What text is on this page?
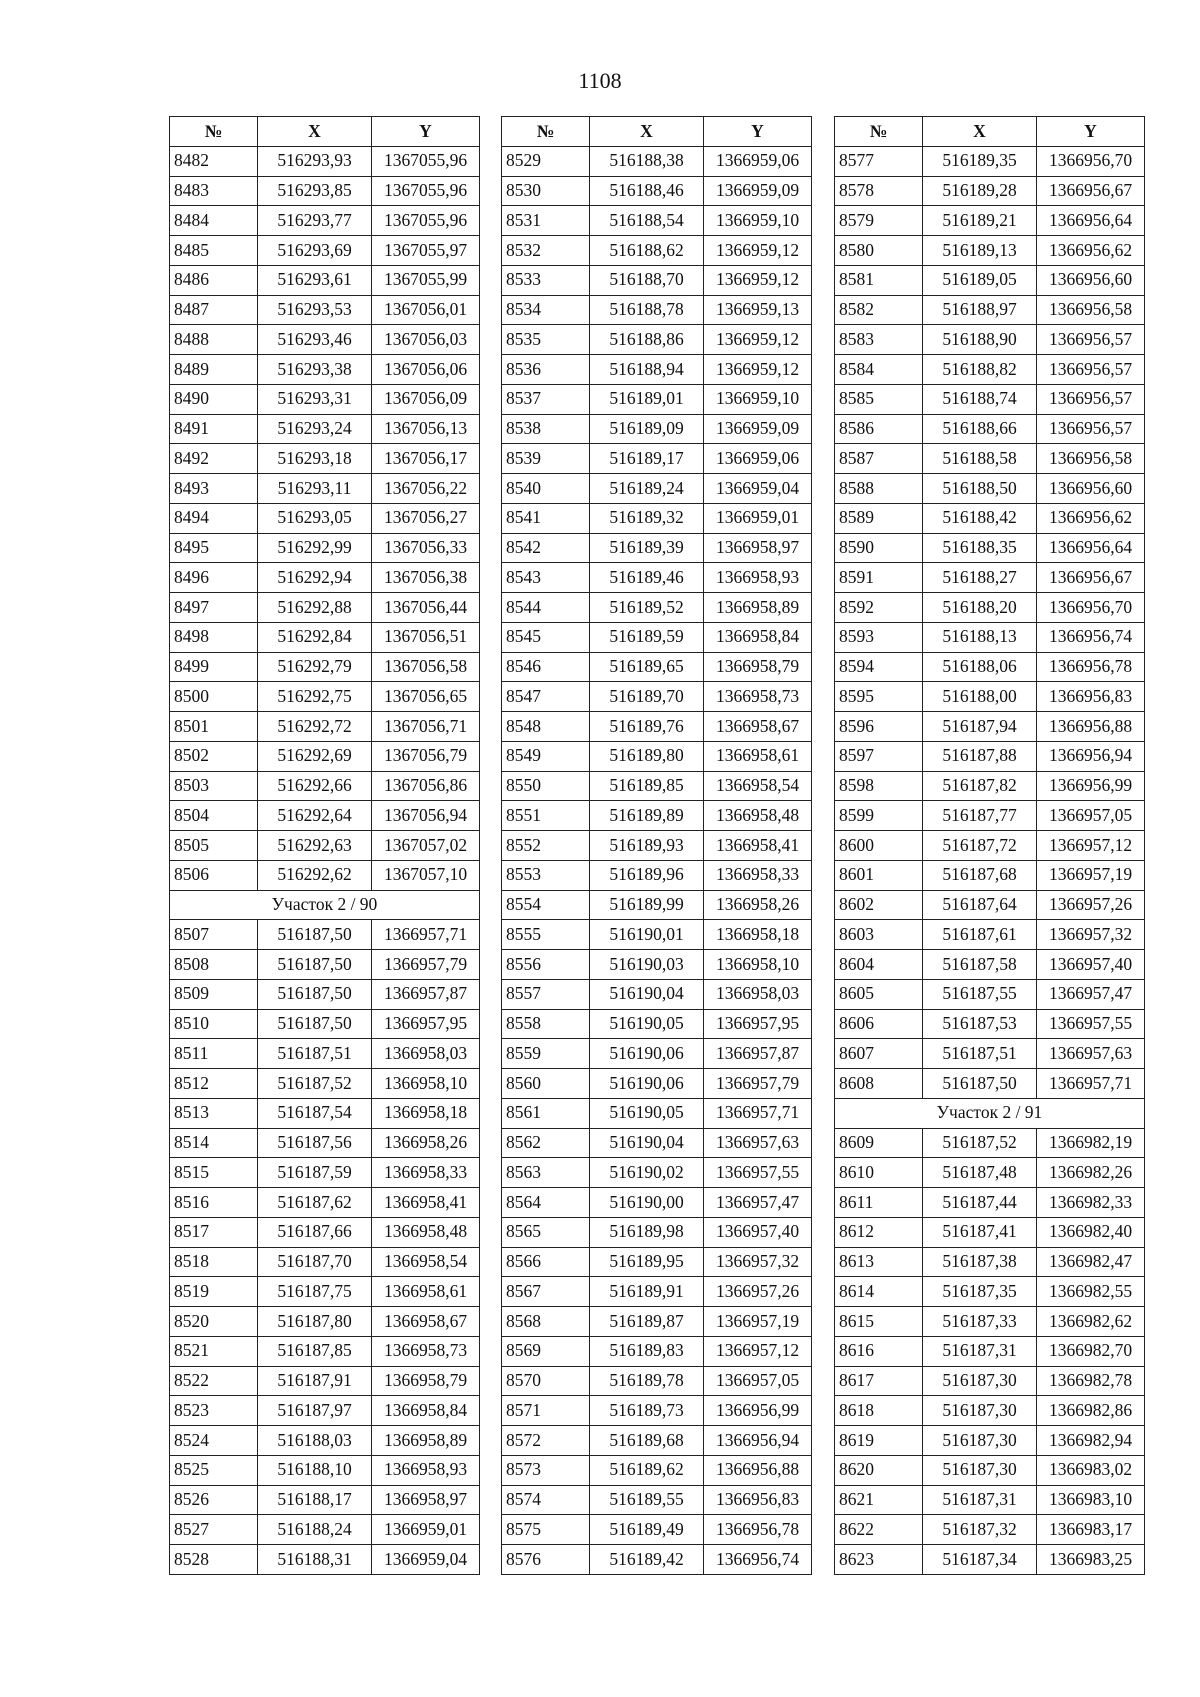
1108
№	X	Y
8482	516293,93	1367055,96
8483	516293,85	1367055,96
8484	516293,77	1367055,96
8485	516293,69	1367055,97
8486	516293,61	1367055,99
8487	516293,53	1367056,01
8488	516293,46	1367056,03
8489	516293,38	1367056,06
8490	516293,31	1367056,09
8491	516293,24	1367056,13
8492	516293,18	1367056,17
8493	516293,11	1367056,22
8494	516293,05	1367056,27
8495	516292,99	1367056,33
8496	516292,94	1367056,38
8497	516292,88	1367056,44
8498	516292,84	1367056,51
8499	516292,79	1367056,58
8500	516292,75	1367056,65
8501	516292,72	1367056,71
8502	516292,69	1367056,79
8503	516292,66	1367056,86
8504	516292,64	1367056,94
8505	516292,63	1367057,02
8506	516292,62	1367057,10
Участок 2 / 90		
8507	516187,50	1366957,71
8508	516187,50	1366957,79
8509	516187,50	1366957,87
8510	516187,50	1366957,95
8511	516187,51	1366958,03
8512	516187,52	1366958,10
8513	516187,54	1366958,18
8514	516187,56	1366958,26
8515	516187,59	1366958,33
8516	516187,62	1366958,41
8517	516187,66	1366958,48
8518	516187,70	1366958,54
8519	516187,75	1366958,61
8520	516187,80	1366958,67
8521	516187,85	1366958,73
8522	516187,91	1366958,79
8523	516187,97	1366958,84
8524	516188,03	1366958,89
8525	516188,10	1366958,93
8526	516188,17	1366958,97
8527	516188,24	1366959,01
8528	516188,31	1366959,04
№	X	Y
8529	516188,38	1366959,06
8530	516188,46	1366959,09
8531	516188,54	1366959,10
8532	516188,62	1366959,12
8533	516188,70	1366959,12
8534	516188,78	1366959,13
8535	516188,86	1366959,12
8536	516188,94	1366959,12
8537	516189,01	1366959,10
8538	516189,09	1366959,09
8539	516189,17	1366959,06
8540	516189,24	1366959,04
8541	516189,32	1366959,01
8542	516189,39	1366958,97
8543	516189,46	1366958,93
8544	516189,52	1366958,89
8545	516189,59	1366958,84
8546	516189,65	1366958,79
8547	516189,70	1366958,73
8548	516189,76	1366958,67
8549	516189,80	1366958,61
8550	516189,85	1366958,54
8551	516189,89	1366958,48
8552	516189,93	1366958,41
8553	516189,96	1366958,33
8554	516189,99	1366958,26
8555	516190,01	1366958,18
8556	516190,03	1366958,10
8557	516190,04	1366958,03
8558	516190,05	1366957,95
8559	516190,06	1366957,87
8560	516190,06	1366957,79
8561	516190,05	1366957,71
8562	516190,04	1366957,63
8563	516190,02	1366957,55
8564	516190,00	1366957,47
8565	516189,98	1366957,40
8566	516189,95	1366957,32
8567	516189,91	1366957,26
8568	516189,87	1366957,19
8569	516189,83	1366957,12
8570	516189,78	1366957,05
8571	516189,73	1366956,99
8572	516189,68	1366956,94
8573	516189,62	1366956,88
8574	516189,55	1366956,83
8575	516189,49	1366956,78
8576	516189,42	1366956,74
№	X	Y
8577	516189,35	1366956,70
8578	516189,28	1366956,67
8579	516189,21	1366956,64
8580	516189,13	1366956,62
8581	516189,05	1366956,60
8582	516188,97	1366956,58
8583	516188,90	1366956,57
8584	516188,82	1366956,57
8585	516188,74	1366956,57
8586	516188,66	1366956,57
8587	516188,58	1366956,58
8588	516188,50	1366956,60
8589	516188,42	1366956,62
8590	516188,35	1366956,64
8591	516188,27	1366956,67
8592	516188,20	1366956,70
8593	516188,13	1366956,74
8594	516188,06	1366956,78
8595	516188,00	1366956,83
8596	516187,94	1366956,88
8597	516187,88	1366956,94
8598	516187,82	1366956,99
8599	516187,77	1366957,05
8600	516187,72	1366957,12
8601	516187,68	1366957,19
8602	516187,64	1366957,26
8603	516187,61	1366957,32
8604	516187,58	1366957,40
8605	516187,55	1366957,47
8606	516187,53	1366957,55
8607	516187,51	1366957,63
8608	516187,50	1366957,71
Участок 2 / 91		
8609	516187,52	1366982,19
8610	516187,48	1366982,26
8611	516187,44	1366982,33
8612	516187,41	1366982,40
8613	516187,38	1366982,47
8614	516187,35	1366982,55
8615	516187,33	1366982,62
8616	516187,31	1366982,70
8617	516187,30	1366982,78
8618	516187,30	1366982,86
8619	516187,30	1366982,94
8620	516187,30	1366983,02
8621	516187,31	1366983,10
8622	516187,32	1366983,17
8623	516187,34	1366983,25
